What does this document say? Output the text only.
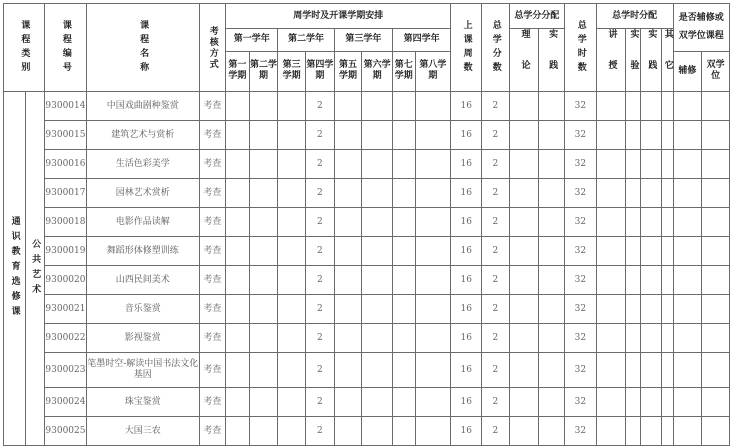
课程类别		课程编号	课程名称	考核方式	周学时及开课学期安排								上课周数	总学分数	总学分分配		总学时数	总学时分配				是否辅修或双学位课程	
					第一学年		第二学年		第三学年		第四学年				理论	实践		讲授	实验	实践	其它		
					第一学期	第二学期	第三学期	第四学期	第五学期	第六学期	第七学期	第八学期										辅修	双学位
通识教育选修课	公共艺术	9300014	中国戏曲剧种鉴赏	考查				2					16	2			32						
		9300015	建筑艺术与赏析	考查				2					16	2			32						
		9300016	生活色彩美学	考查				2					16	2			32						
		9300017	园林艺术赏析	考查				2					16	2			32						
		9300018	电影作品读解	考查				2					16	2			32						
		9300019	舞蹈形体修塑训练	考查				2					16	2			32						
		9300020	山西民间美术	考查				2					16	2			32						
		9300021	音乐鉴赏	考查				2					16	2			32						
		9300022	影视鉴赏	考查				2					16	2			32						
		9300023	笔墨时空-解读中国书法文化基因	考查				2					16	2			32						
		9300024	珠宝鉴赏	考查				2					16	2			32						
		9300025	大国三农	考查				2					16	2			32						
